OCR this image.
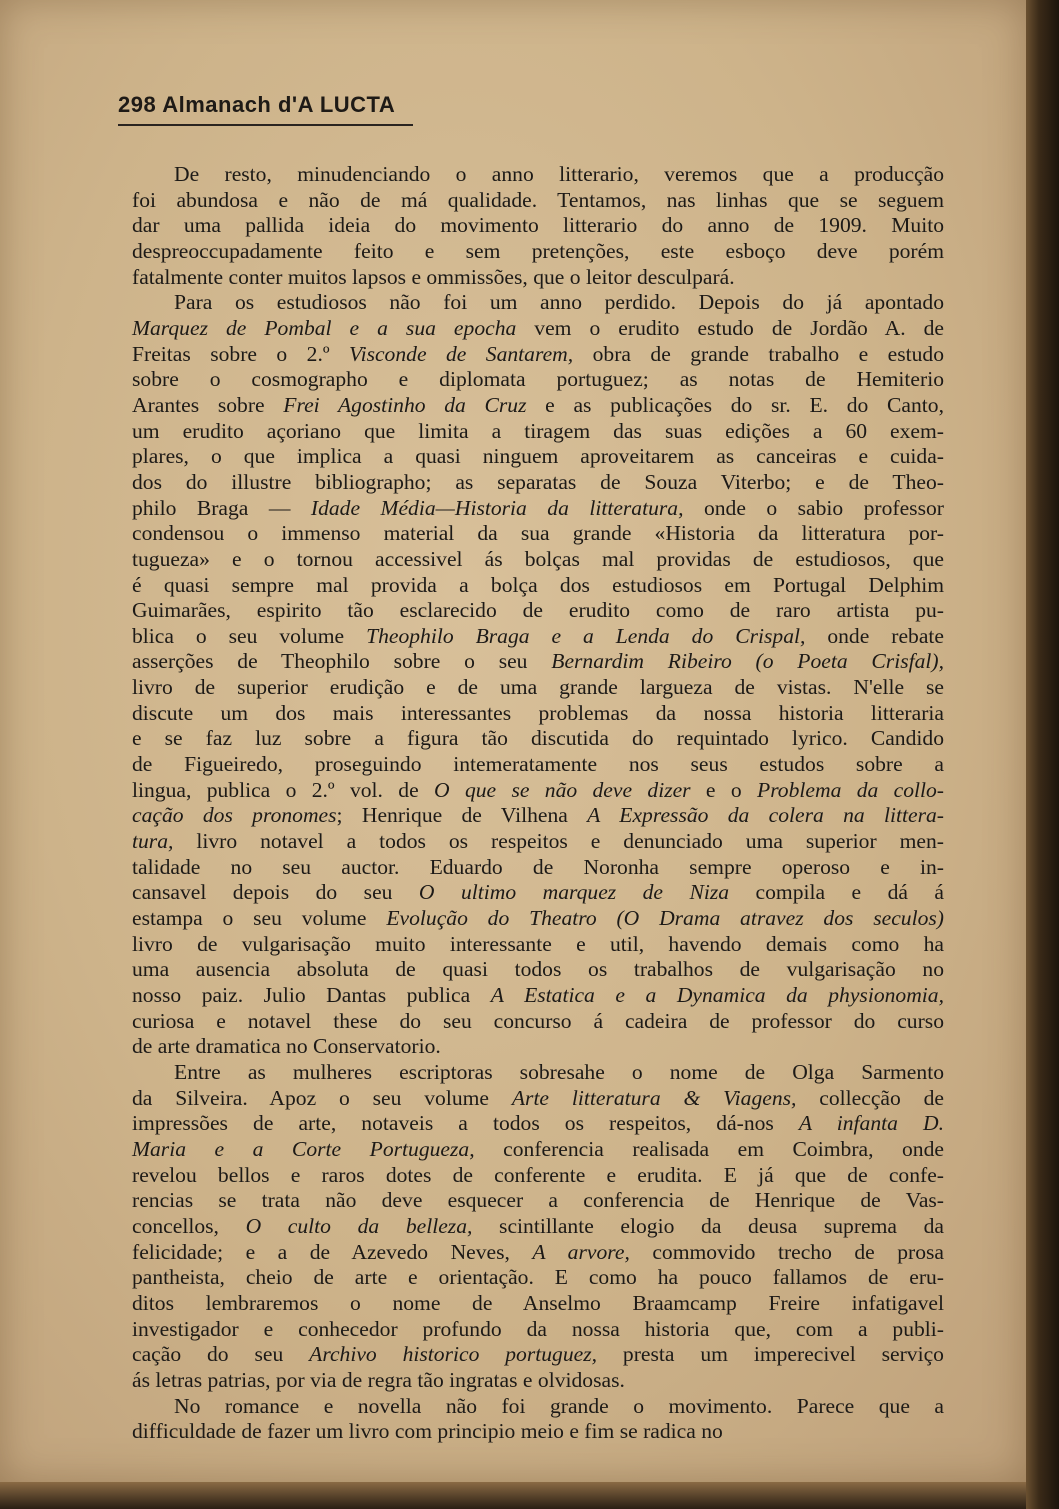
298 Almanach d'A LUCTA

De resto, minudenciando o anno litterario, veremos que a producção
foi abundosa e não de má qualidade. Tentamos, nas linhas que se seguem
dar uma pallida ideia do movimento litterario do anno de 1909. Muito
despreoccupadamente feito e sem pretenções, este esboço deve porém
fatalmente conter muitos lapsos e ommissões, que o leitor desculpará.

Para os estudiosos não foi um anno perdido. Depois do já apontado
Marquez de Pombal e a sua epocha vem o erudito estudo de Jordão A. de
Freitas sobre o 2.º Visconde de Santarem, obra de grande trabalho e estudo
sobre o cosmographo e diplomata portuguez; as notas de Hemiterio
Arantes sobre Frei Agostinho da Cruz e as publicações do sr. E. do Canto,
um erudito açoriano que limita a tiragem das suas edições a 60 exem-
plares, o que implica a quasi ninguem aproveitarem as canceiras e cuida-
dos do illustre bibliographo; as separatas de Souza Viterbo; e de Theo-
philo Braga — Idade Média—Historia da litteratura, onde o sabio professor
condensou o immenso material da sua grande «Historia da litteratura por-
tugueza» e o tornou accessivel ás bolças mal providas de estudiosos, que
é quasi sempre mal provida a bolça dos estudiosos em Portugal Delphim
Guimarães, espirito tão esclarecido de erudito como de raro artista pu-
blica o seu volume Theophilo Braga e a Lenda do Crispal, onde rebate
asserções de Theophilo sobre o seu Bernardim Ribeiro (o Poeta Crisfal),
livro de superior erudição e de uma grande largueza de vistas. N'elle se
discute um dos mais interessantes problemas da nossa historia litteraria
e se faz luz sobre a figura tão discutida do requintado lyrico. Candido
de Figueiredo, proseguindo intemeratamente nos seus estudos sobre a
lingua, publica o 2.º vol. de O que se não deve dizer e o Problema da collo-
cação dos pronomes; Henrique de Vilhena A Expressão da colera na littera-
tura, livro notavel a todos os respeitos e denunciado uma superior men-
talidade no seu auctor. Eduardo de Noronha sempre operoso e in-
cansavel depois do seu O ultimo marquez de Niza compila e dá á
estampa o seu volume Evolução do Theatro (O Drama atravez dos seculos)
livro de vulgarisação muito interessante e util, havendo demais como ha
uma ausencia absoluta de quasi todos os trabalhos de vulgarisação no
nosso paiz. Julio Dantas publica A Estatica e a Dynamica da physionomia,
curiosa e notavel these do seu concurso á cadeira de professor do curso
de arte dramatica no Conservatorio.

Entre as mulheres escriptoras sobresahe o nome de Olga Sarmento
da Silveira. Apoz o seu volume Arte litteratura & Viagens, collecção de
impressões de arte, notaveis a todos os respeitos, dá-nos A infanta D.
Maria e a Corte Portugueza, conferencia realisada em Coimbra, onde
revelou bellos e raros dotes de conferente e erudita. E já que de confe-
rencias se trata não deve esquecer a conferencia de Henrique de Vas-
concellos, O culto da belleza, scintillante elogio da deusa suprema da
felicidade; e a de Azevedo Neves, A arvore, commovido trecho de prosa
pantheista, cheio de arte e orientação. E como ha pouco fallamos de eru-
ditos lembraremos o nome de Anselmo Braamcamp Freire infatigavel
investigador e conhecedor profundo da nossa historia que, com a publi-
cação do seu Archivo historico portuguez, presta um imperecivel serviço
ás letras patrias, por via de regra tão ingratas e olvidosas.

No romance e novella não foi grande o movimento. Parece que a
difficuldade de fazer um livro com principio meio e fim se radica no
